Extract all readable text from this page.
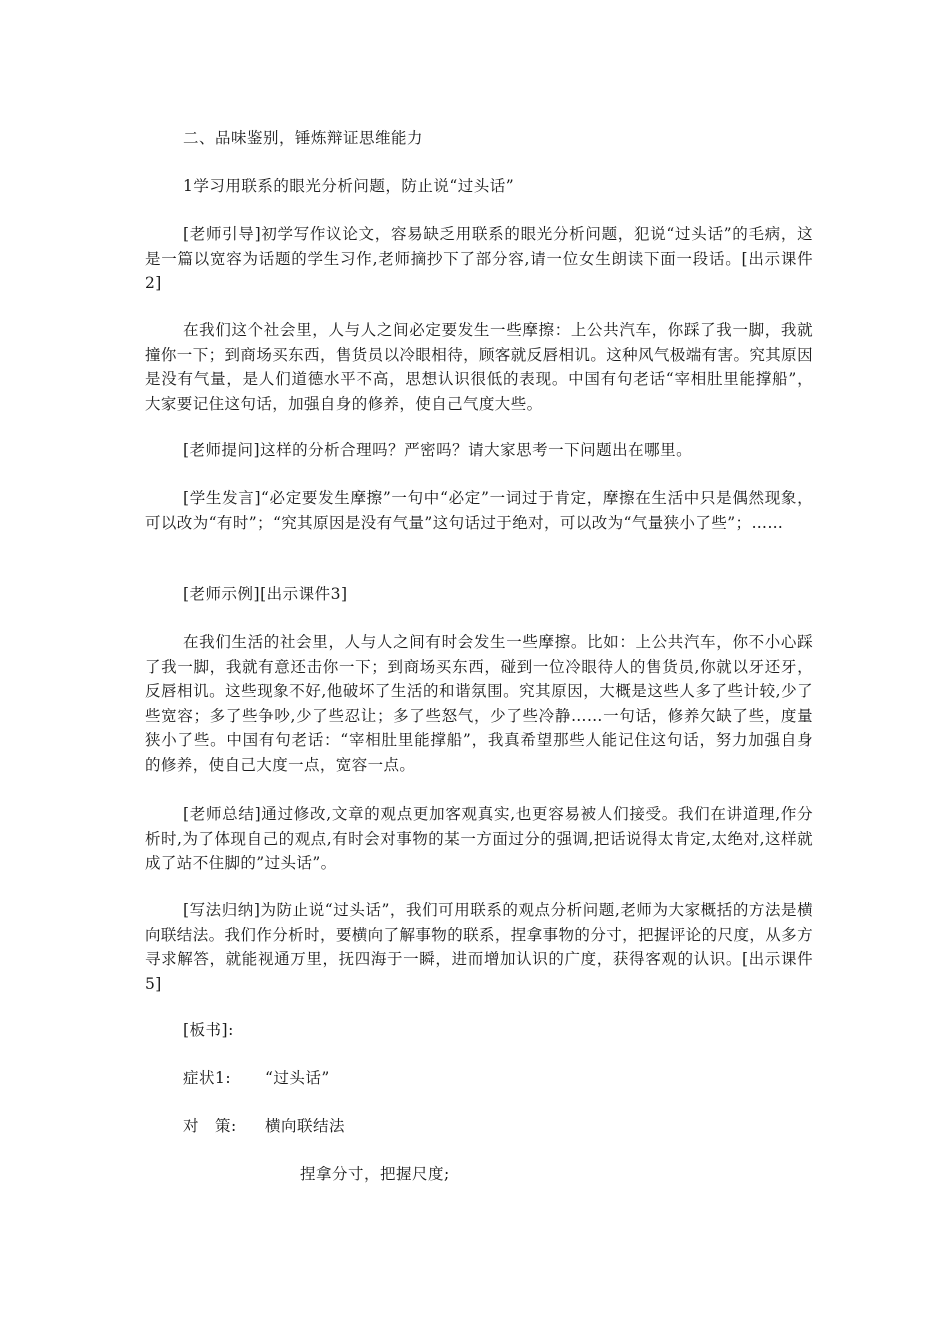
二、品味鉴别，锤炼辩证思维能力
1学习用联系的眼光分析问题，防止说“过头话”
[老师引导]初学写作议论文，容易缺乏用联系的眼光分析问题，犯说“过头话”的毛病，这是一篇以宽容为话题的学生习作,老师摘抄下了部分容,请一位女生朗读下面一段话。[出示课件2]
在我们这个社会里，人与人之间必定要发生一些摩擦：上公共汽车，你踩了我一脚，我就撞你一下；到商场买东西，售货员以冷眼相待，顾客就反唇相讥。这种风气极端有害。究其原因是没有气量，是人们道德水平不高，思想认识很低的表现。中国有句老话“宰相肚里能撑船”，大家要记住这句话，加强自身的修养，使自己气度大些。
[老师提问]这样的分析合理吗？严密吗？请大家思考一下问题出在哪里。
[学生发言]“必定要发生摩擦”一句中“必定”一词过于肯定，摩擦在生活中只是偶然现象，可以改为“有时”；“究其原因是没有气量”这句话过于绝对，可以改为“气量狭小了些”；……
[老师示例][出示课件3]
在我们生活的社会里，人与人之间有时会发生一些摩擦。比如：上公共汽车，你不小心踩了我一脚，我就有意还击你一下；到商场买东西，碰到一位冷眼待人的售货员,你就以牙还牙，反唇相讥。这些现象不好,他破坏了生活的和谐氛围。究其原因，大概是这些人多了些计较,少了些宽容；多了些争吵,少了些忍让；多了些怒气，少了些冷静……一句话，修养欠缺了些，度量狭小了些。中国有句老话：“宰相肚里能撑船”，我真希望那些人能记住这句话，努力加强自身的修养，使自己大度一点，宽容一点。
[老师总结]通过修改,文章的观点更加客观真实,也更容易被人们接受。我们在讲道理,作分析时,为了体现自己的观点,有时会对事物的某一方面过分的强调,把话说得太肯定,太绝对,这样就成了站不住脚的”过头话”。
[写法归纳]为防止说“过头话”，我们可用联系的观点分析问题,老师为大家概括的方法是横向联结法。我们作分析时，要横向了解事物的联系，捏拿事物的分寸，把握评论的尺度，从多方寻求解答，就能视通万里，抚四海于一瞬，进而增加认识的广度，获得客观的认识。[出示课件5]
[板书]:
症状1: “过头话”
对　策: 横向联结法
捏拿分寸，把握尺度;
